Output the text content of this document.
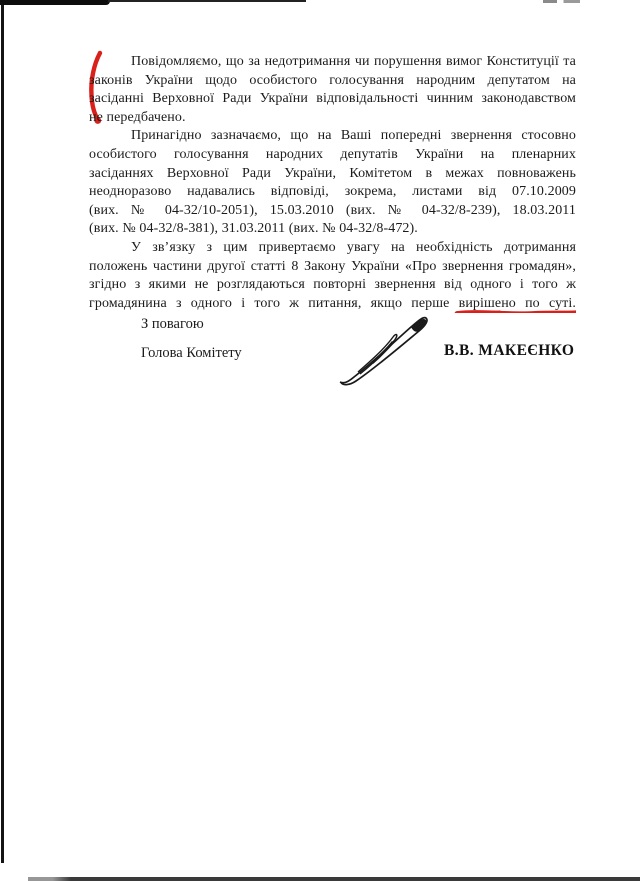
Повідомляємо, що за недотримання чи порушення вимог Конституції та
законів України щодо особистого голосування народним депутатом на
засіданні Верховної Ради України відповідальності чинним законодавством
не передбачено.
Принагідно зазначаємо, що на Ваші попередні звернення стосовно
особистого голосування народних депутатів України на пленарних
засіданнях Верховної Ради України, Комітетом в межах повноважень
неодноразово надавались відповіді, зокрема, листами від 07.10.2009
(вих. № 04-32/10-2051), 15.03.2010 (вих. № 04-32/8-239), 18.03.2011
(вих. № 04-32/8-381), 31.03.2011 (вих. № 04-32/8-472).
У зв’язку з цим привертаємо увагу на необхідність дотримання
положень частини другої статті 8 Закону України «Про звернення громадян»,
згідно з якими не розглядаються повторні звернення від одного і того ж
громадянина з одного і того ж питання, якщо перше вирішено по суті.
З повагою
Голова Комітету	В.В. МАКЕЄНКО
